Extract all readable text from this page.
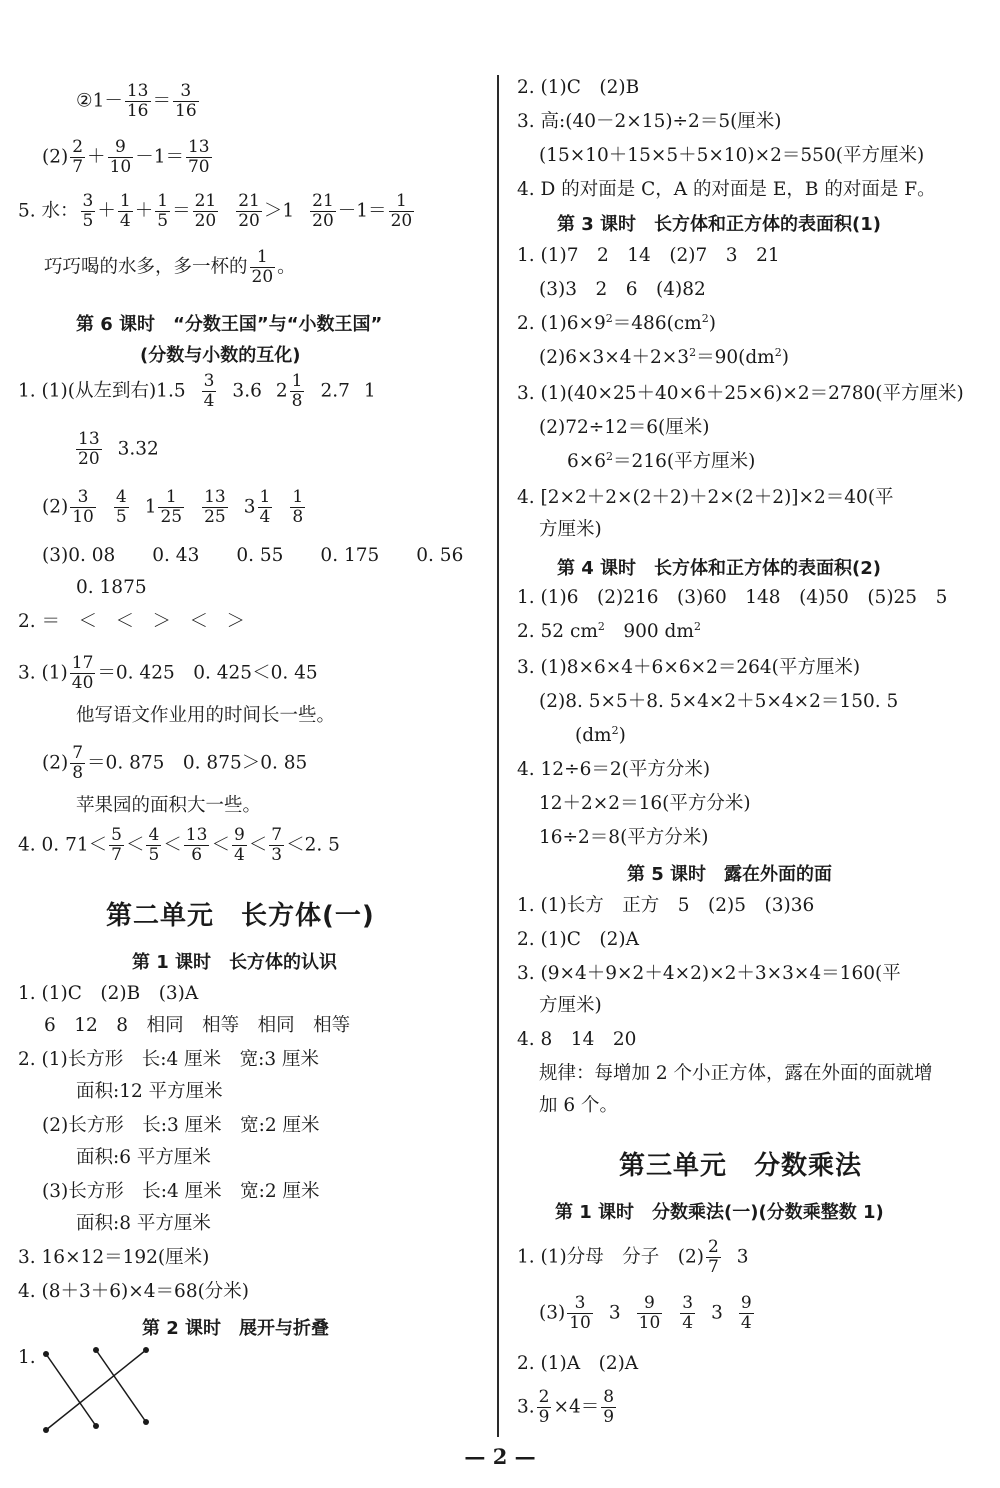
②1－ $\frac{13}{16} = \frac{3}{16}$
$(2) \frac{2}{7} + \frac{9}{10} -1= \frac{13}{70}$
5. 水： $\frac{3}{5} + \frac{1}{4} + \frac{1}{5} = \frac{21}{20} \frac{21}{20} >1 \frac{21}{20} -1= \frac{1}{20}$
巧巧喝的水多，多一杯的 $\frac{1}{20}$ 。
第 6 课时　“分数王国”与“小数王国”
(分数与小数的互化)
1. (1)(从左到右)$1.5 \frac{3}{4} 3.6$ $2 \frac{1}{8} 2.7$ 1
$\frac{13}{20} 3.32$
$(2) \frac{3}{10} \frac{4}{5} 1 \frac{1}{25} \frac{13}{25} 3 \frac{1}{4} \frac{1}{8}$
(3)0. 08　　0. 43　　0. 55　　0. 175　　0. 56
0. 1875
2. ＝　＜　＜　＞　＜　＞
3. $(1) \frac{17}{40} =0$. 425　0. 425＜0. 45
他写语文作业用的时间长一些。
$(2) \frac{7}{8} =0$. 875　0. 875＞0. 85
苹果园的面积大一些。
4. 0. $71< \frac{5}{7} < \frac{4}{5} < \frac{13}{6} < \frac{9}{4} < \frac{7}{3} <2$. 5
第二单元　长方体(一)
第 1 课时　长方体的认识
1. (1)C　(2)B　(3)A
6　12　8　相同　相等　相同　相等
2. (1)长方形　长:4 厘米　宽:3 厘米
面积:12 平方厘米
(2)长方形　长:3 厘米　宽:2 厘米
面积:6 平方厘米
(3)长方形　长:4 厘米　宽:2 厘米
面积:8 平方厘米
3. 16×12＝192(厘米)
4. (8＋3＋6)×4＝68(分米)
第 2 课时　展开与折叠
1.
2. (1)C　(2)B
3. 高:(40－2×15)÷2＝5(厘米)
(15×10＋15×5＋5×10)×2＝550(平方厘米)
4. D 的对面是 C，A 的对面是 E，B 的对面是 F。
第 3 课时　长方体和正方体的表面积(1)
1. (1)7　2　14　(2)7　3　21
(3)3　2　6　(4)82
2. $(1)6\times 9^2=486(cm^2)$
$(2)6\times 3\times 4+2\times 3^2=90(dm^2)$
3. (1)(40×25＋40×6＋25×6)×2＝2780(平方厘米)
(2)72÷12＝6(厘米)
$6\times 6^2=216$(平方厘米)
4. [2×2＋2×(2＋2)＋2×(2＋2)]×2＝40(平
方厘米)
第 4 课时　长方体和正方体的表面积(2)
1. (1)6　(2)216　(3)60　148　(4)50　(5)25　5
2. 52 $cm^2$　900 $dm^2$
3. (1)8×6×4＋6×6×2＝264(平方厘米)
(2)8. 5×5＋8. 5×4×2＋5×4×2＝150. 5
$(dm^2)$
4. 12÷6＝2(平方分米)
12＋2×2＝16(平方分米)
16÷2＝8(平方分米)
第 5 课时　露在外面的面
1. (1)长方　正方　5　(2)5　(3)36
2. (1)C　(2)A
3. (9×4＋9×2＋4×2)×2＋3×3×4＝160(平
方厘米)
4. 8　14　20
规律：每增加 2 个小正方体，露在外面的面就增
加 6 个。
第三单元　分数乘法
第 1 课时　分数乘法(一)(分数乘整数 1)
1. (1)分母　分子　$(2) \frac{2}{7} 3$
$(3) \frac{3}{10} 3 \frac{9}{10} \frac{3}{4} 3 \frac{9}{4}$
2. (1)A　(2)A
3. $\frac{2}{9} \times 4= \frac{8}{9}$
— 2 —
